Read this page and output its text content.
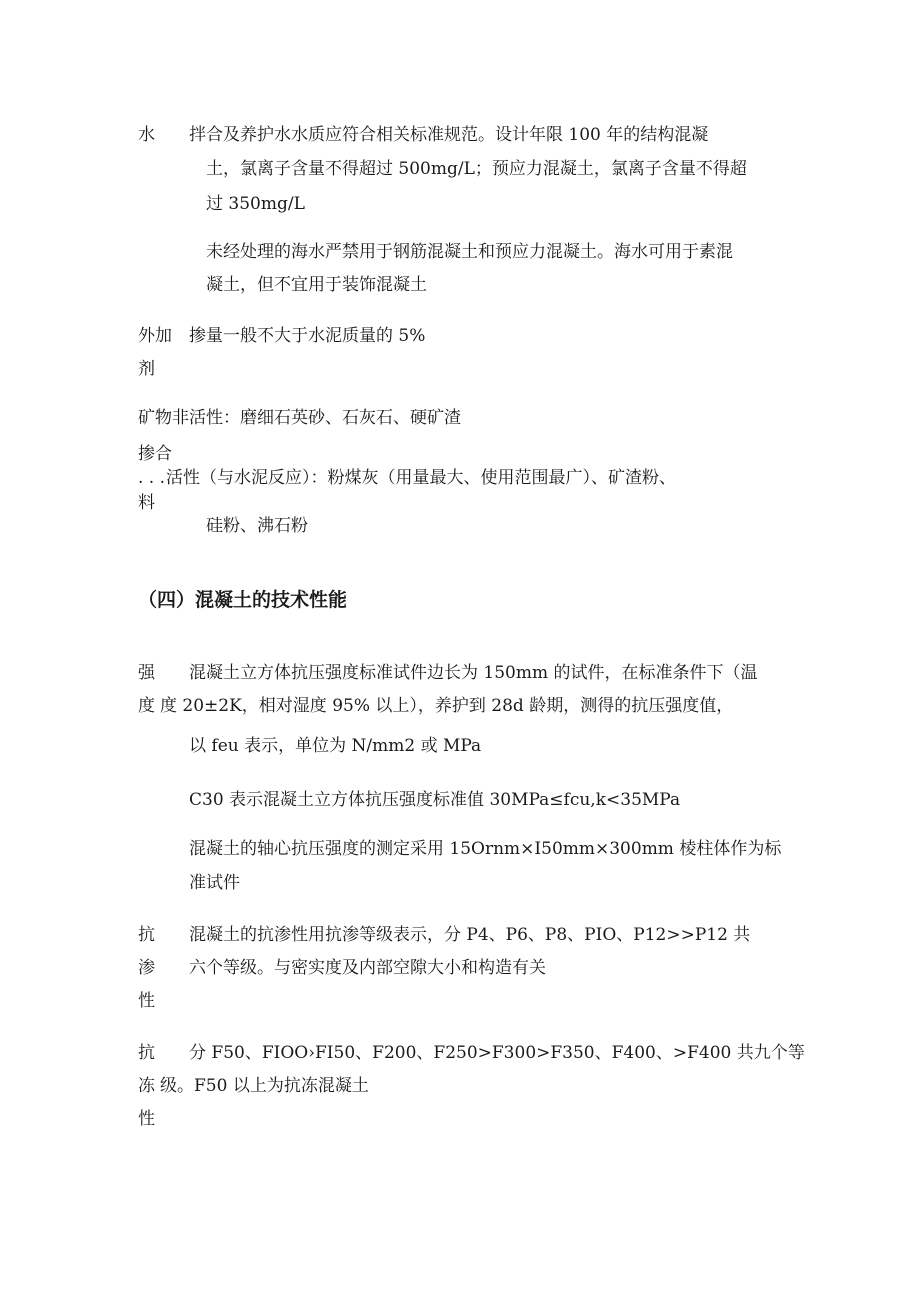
水 拌合及养护水水质应符合相关标准规范。设计年限 100 年的结构混凝
土，氯离子含量不得超过 500mg/L；预应力混凝土，氯离子含量不得超
过 350mg/L
未经处理的海水严禁用于钢筋混凝土和预应力混凝土。海水可用于素混
凝土，但不宜用于装饰混凝土
外加 掺量一般不大于水泥质量的 5%
剂
矿物 非活性：磨细石英砂、石灰石、硬矿渣
掺合
. . . 活性（与水泥反应）：粉煤灰（用量最大、使用范围最广）、矿渣粉、
料
硅粉、沸石粉
（四）混凝土的技术性能
强 混凝土立方体抗压强度标准试件边长为 150mm 的试件，在标准条件下（温
度 度 20±2K，相对湿度 95% 以上），养护到 28d 龄期，测得的抗压强度值，
以 feu 表示，单位为 N/mm2 或 MPa
C30 表示混凝土立方体抗压强度标准值 30MPa≤fcu,k<35MPa
混凝土的轴心抗压强度的测定采用 15Ornm×I50mm×300mm 棱柱体作为标
准试件
抗 混凝土的抗渗性用抗渗等级表示，分 P4、P6、P8、PIO、P12>>P12 共
渗 六个等级。与密实度及内部空隙大小和构造有关
性
抗 分 F50、FIOO›FI50、F200、F250>F300>F350、F400、>F400 共九个等
冻 级。F50 以上为抗冻混凝土
性
